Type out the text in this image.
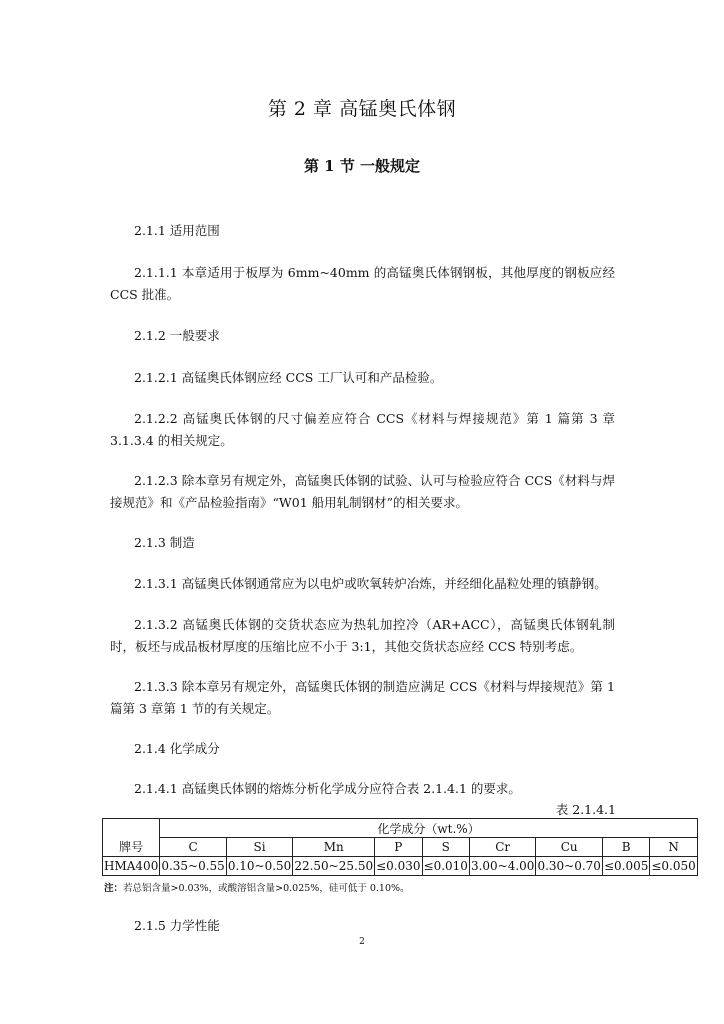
第 2 章 高锰奥氏体钢
第 1 节 一般规定
2.1.1 适用范围
2.1.1.1 本章适用于板厚为 6mm~40mm 的高锰奥氏体钢钢板，其他厚度的钢板应经 CCS 批准。
2.1.2 一般要求
2.1.2.1 高锰奥氏体钢应经 CCS 工厂认可和产品检验。
2.1.2.2 高锰奥氏体钢的尺寸偏差应符合 CCS《材料与焊接规范》第 1 篇第 3 章 3.1.3.4 的相关规定。
2.1.2.3 除本章另有规定外，高锰奥氏体钢的试验、认可与检验应符合 CCS《材料与焊接规范》和《产品检验指南》“W01 船用轧制钢材”的相关要求。
2.1.3 制造
2.1.3.1 高锰奥氏体钢通常应为以电炉或吹氧转炉冶炼，并经细化晶粒处理的镇静钢。
2.1.3.2 高锰奥氏体钢的交货状态应为热轧加控冷（AR+ACC），高锰奥氏体钢轧制时，板坯与成品板材厚度的压缩比应不小于 3:1，其他交货状态应经 CCS 特别考虑。
2.1.3.3 除本章另有规定外，高锰奥氏体钢的制造应满足 CCS《材料与焊接规范》第 1 篇第 3 章第 1 节的有关规定。
2.1.4 化学成分
2.1.4.1 高锰奥氏体钢的熔炼分析化学成分应符合表 2.1.4.1 的要求。
表 2.1.4.1
	化学成分（wt.%）								
牌号	C	Si	Mn	P	S	Cr	Cu	B	N
HMA400	0.35~0.55	0.10~0.50	22.50~25.50	≤0.030	≤0.010	3.00~4.00	0.30~0.70	≤0.005	≤0.050
注：若总铝含量>0.03%，或酸溶铝含量>0.025%，硅可低于 0.10%。
2.1.5 力学性能
2
